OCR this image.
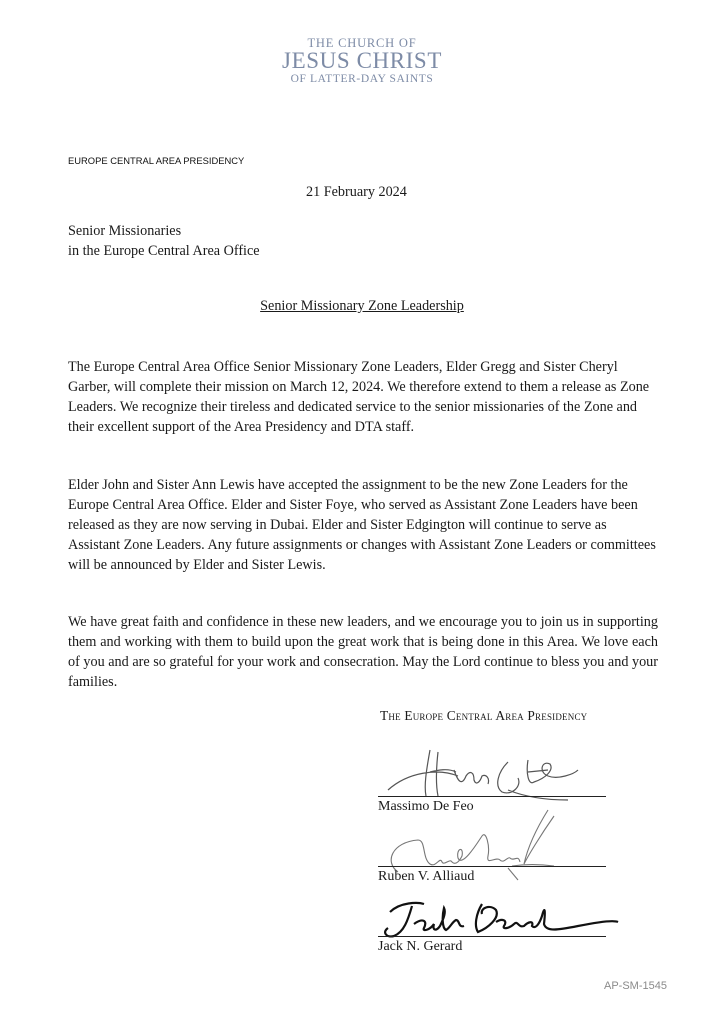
THE CHURCH OF
JESUS CHRIST
OF LATTER-DAY SAINTS
EUROPE CENTRAL AREA PRESIDENCY
21 February 2024
Senior Missionaries
in the Europe Central Area Office
Senior Missionary Zone Leadership
The Europe Central Area Office Senior Missionary Zone Leaders, Elder Gregg and Sister Cheryl Garber, will complete their mission on March 12, 2024. We therefore extend to them a release as Zone Leaders. We recognize their tireless and dedicated service to the senior missionaries of the Zone and their excellent support of the Area Presidency and DTA staff.
Elder John and Sister Ann Lewis have accepted the assignment to be the new Zone Leaders for the Europe Central Area Office. Elder and Sister Foye, who served as Assistant Zone Leaders have been released as they are now serving in Dubai. Elder and Sister Edgington will continue to serve as Assistant Zone Leaders. Any future assignments or changes with Assistant Zone Leaders or committees will be announced by Elder and Sister Lewis.
We have great faith and confidence in these new leaders, and we encourage you to join us in supporting them and working with them to build upon the great work that is being done in this Area. We love each of you and are so grateful for your work and consecration. May the Lord continue to bless you and your families.
The Europe Central Area Presidency
Massimo De Feo
Ruben V. Alliaud
Jack N. Gerard
AP-SM-1545
